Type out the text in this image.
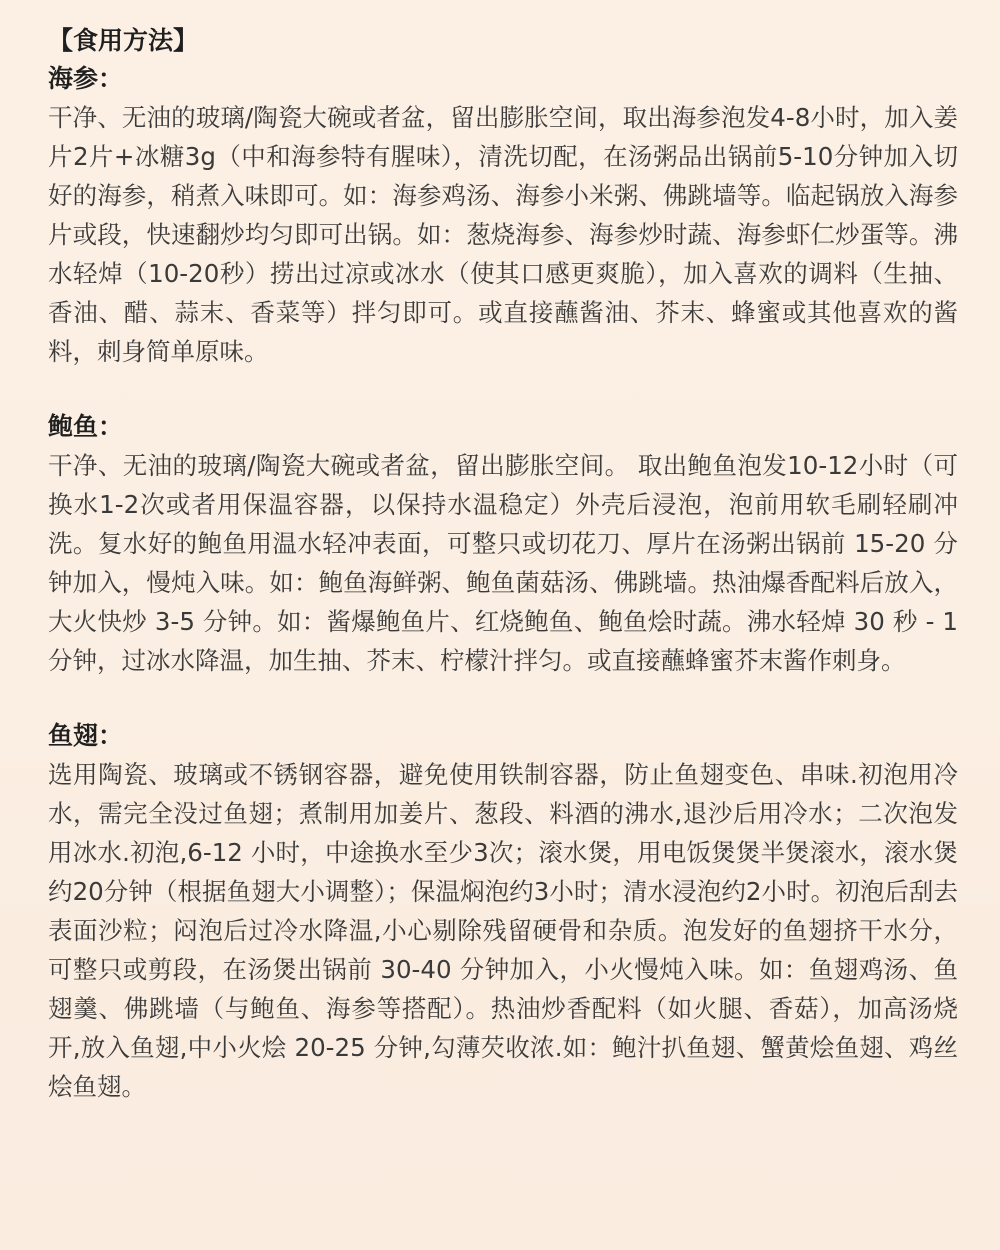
【食用方法】
海参：

干净、无油的玻璃/陶瓷大碗或者盆，留出膨胀空间，取出海参泡发4-8小时，加入姜片2片+冰糖3g（中和海参特有腥味），清洗切配，在汤粥品出锅前5-10分钟加入切好的海参，稍煮入味即可。如：海参鸡汤、海参小米粥、佛跳墙等。临起锅放入海参片或段，快速翻炒均匀即可出锅。如：葱烧海参、海参炒时蔬、海参虾仁炒蛋等。沸水轻焯（10-20秒）捞出过凉或冰水（使其口感更爽脆），加入喜欢的调料（生抽、香油、醋、蒜末、香菜等）拌匀即可。或直接蘸酱油、芥末、蜂蜜或其他喜欢的酱料，刺身简单原味。

鲍鱼：

干净、无油的玻璃/陶瓷大碗或者盆，留出膨胀空间。 取出鲍鱼泡发10-12小时（可换水1-2次或者用保温容器，以保持水温稳定）外壳后浸泡，泡前用软毛刷轻刷冲洗。复水好的鲍鱼用温水轻冲表面，可整只或切花刀、厚片在汤粥出锅前 15-20 分钟加入，慢炖入味。如：鲍鱼海鲜粥、鲍鱼菌菇汤、佛跳墙。热油爆香配料后放入，大火快炒 3-5 分钟。如：酱爆鲍鱼片、红烧鲍鱼、鲍鱼烩时蔬。沸水轻焯 30 秒 - 1 分钟，过冰水降温，加生抽、芥末、柠檬汁拌匀。或直接蘸蜂蜜芥末酱作刺身。

鱼翅：

选用陶瓷、玻璃或不锈钢容器，避免使用铁制容器，防止鱼翅变色、串味.初泡用冷水，需完全没过鱼翅；煮制用加姜片、葱段、料酒的沸水,退沙后用冷水；二次泡发用冰水.初泡,6-12 小时，中途换水至少3次；滚水煲，用电饭煲煲半煲滚水，滚水煲约20分钟（根据鱼翅大小调整）；保温焖泡约3小时；清水浸泡约2小时。初泡后刮去表面沙粒；闷泡后过冷水降温,小心剔除残留硬骨和杂质。泡发好的鱼翅挤干水分，可整只或剪段，在汤煲出锅前 30-40 分钟加入，小火慢炖入味。如：鱼翅鸡汤、鱼翅羹、佛跳墙（与鲍鱼、海参等搭配）。热油炒香配料（如火腿、香菇），加高汤烧开,放入鱼翅,中小火烩 20-25 分钟,勾薄芡收浓.如：鲍汁扒鱼翅、蟹黄烩鱼翅、鸡丝烩鱼翅。
